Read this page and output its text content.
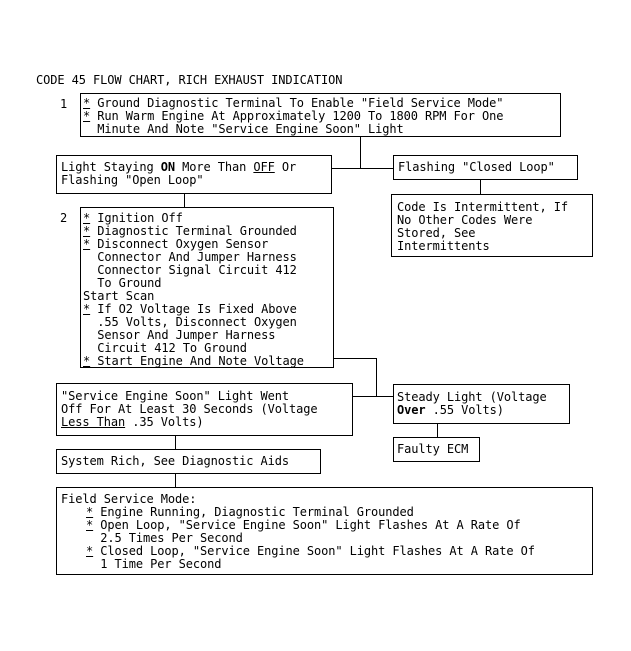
CODE 45 FLOW CHART, RICH EXHAUST INDICATION
1 * Ground Diagnostic Terminal To Enable "Field Service Mode"
* Run Warm Engine At Approximately 1200 To 1800 RPM For One
Minute And Note "Service Engine Soon" Light
Light Staying ON More Than OFF Or
Flashing "Open Loop"
Flashing "Closed Loop"
Code Is Intermittent, If
No Other Codes Were
Stored, See
Intermittents
2 * Ignition Off
* Diagnostic Terminal Grounded
* Disconnect Oxygen Sensor
Connector And Jumper Harness
Connector Signal Circuit 412
To Ground
Start Scan
* If O2 Voltage Is Fixed Above
.55 Volts, Disconnect Oxygen
Sensor And Jumper Harness
Circuit 412 To Ground
* Start Engine And Note Voltage
"Service Engine Soon" Light Went
Off For At Least 30 Seconds (Voltage
Less Than .35 Volts)
Steady Light (Voltage
Over .55 Volts)
Faulty ECM
System Rich, See Diagnostic Aids
Field Service Mode:
* Engine Running, Diagnostic Terminal Grounded
* Open Loop, "Service Engine Soon" Light Flashes At A Rate Of
2.5 Times Per Second
* Closed Loop, "Service Engine Soon" Light Flashes At A Rate Of
1 Time Per Second
